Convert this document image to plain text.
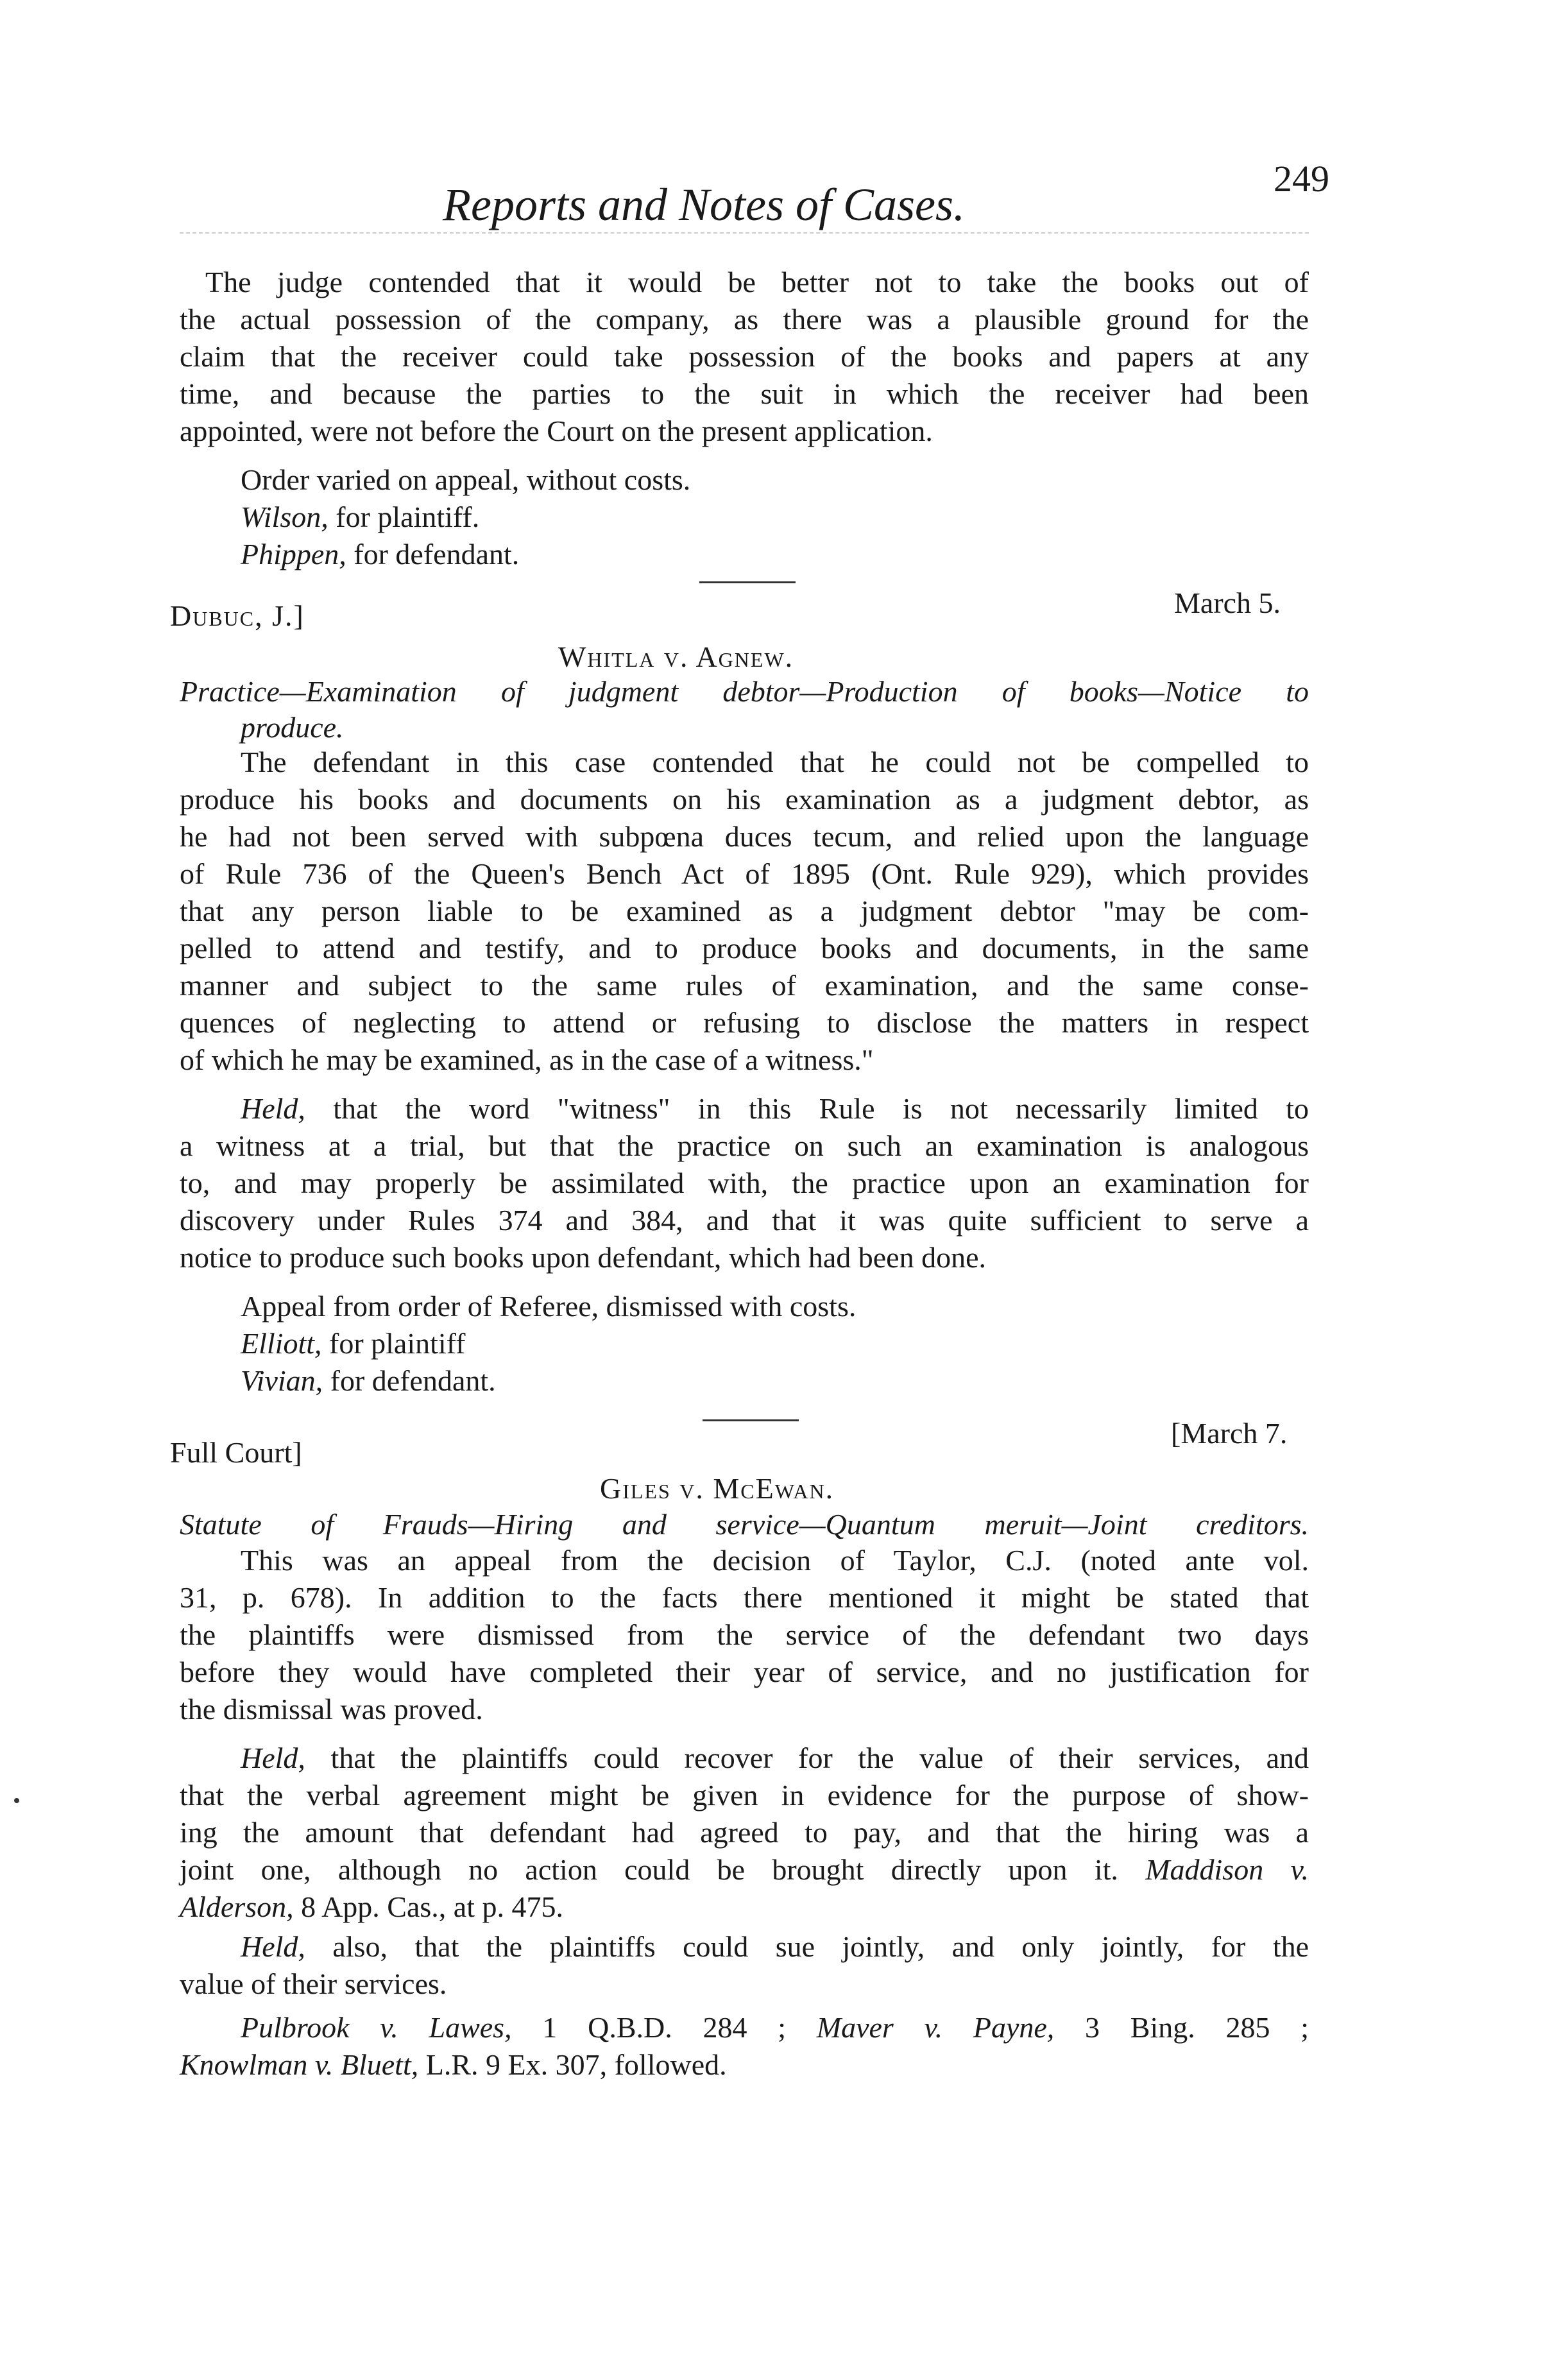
Reports and Notes of Cases.
249
The judge contended that it would be better not to take the books out of
the actual possession of the company, as there was a plausible ground for the
claim that the receiver could take possession of the books and papers at any
time, and because the parties to the suit in which the receiver had been
appointed, were not before the Court on the present application.
Order varied on appeal, without costs.
Wilson, for plaintiff.
Phippen, for defendant.
Dubuc, J.]	March 5.
Whitla v. Agnew.
Practice—Examination of judgment debtor—Production of books—Notice to
produce.
The defendant in this case contended that he could not be compelled to
produce his books and documents on his examination as a judgment debtor, as
he had not been served with subpœna duces tecum, and relied upon the language
of Rule 736 of the Queen's Bench Act of 1895 (Ont. Rule 929), which provides
that any person liable to be examined as a judgment debtor "may be com-
pelled to attend and testify, and to produce books and documents, in the same
manner and subject to the same rules of examination, and the same conse-
quences of neglecting to attend or refusing to disclose the matters in respect
of which he may be examined, as in the case of a witness."
Held, that the word "witness" in this Rule is not necessarily limited to
a witness at a trial, but that the practice on such an examination is analogous
to, and may properly be assimilated with, the practice upon an examination for
discovery under Rules 374 and 384, and that it was quite sufficient to serve a
notice to produce such books upon defendant, which had been done.
Appeal from order of Referee, dismissed with costs.
Elliott, for plaintiff
Vivian, for defendant.
Full Court]
[March 7.
Giles v. McEwan.
Statute of Frauds—Hiring and service—Quantum meruit—Joint creditors.
This was an appeal from the decision of Taylor, C.J. (noted ante vol.
31, p. 678). In addition to the facts there mentioned it might be stated that
the plaintiffs were dismissed from the service of the defendant two days
before they would have completed their year of service, and no justification for
the dismissal was proved.
Held, that the plaintiffs could recover for the value of their services, and
that the verbal agreement might be given in evidence for the purpose of show-
ing the amount that defendant had agreed to pay, and that the hiring was a
joint one, although no action could be brought directly upon it. Maddison v.
Alderson, 8 App. Cas., at p. 475.
Held, also, that the plaintiffs could sue jointly, and only jointly, for the
value of their services.
Pulbrook v. Lawes, 1 Q.B.D. 284 ; Maver v. Payne, 3 Bing. 285 ;
Knowlman v. Bluett, L.R. 9 Ex. 307, followed.
